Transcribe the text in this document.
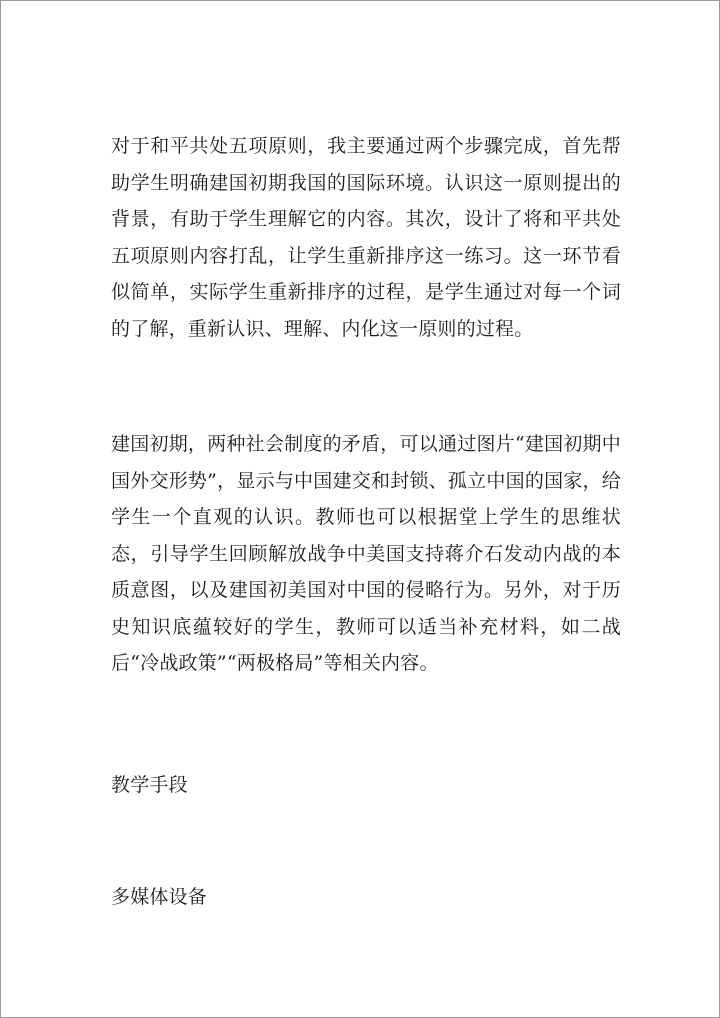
对于和平共处五项原则，我主要通过两个步骤完成，首先帮助学生明确建国初期我国的国际环境。认识这一原则提出的背景，有助于学生理解它的内容。其次，设计了将和平共处五项原则内容打乱，让学生重新排序这一练习。这一环节看似简单，实际学生重新排序的过程，是学生通过对每一个词的了解，重新认识、理解、内化这一原则的过程。

建国初期，两种社会制度的矛盾，可以通过图片“建国初期中国外交形势”，显示与中国建交和封锁、孤立中国的国家，给学生一个直观的认识。教师也可以根据堂上学生的思维状态，引导学生回顾解放战争中美国支持蒋介石发动内战的本质意图，以及建国初美国对中国的侵略行为。另外，对于历史知识底蕴较好的学生，教师可以适当补充材料，如二战后“冷战政策”“两极格局”等相关内容。

教学手段

多媒体设备
